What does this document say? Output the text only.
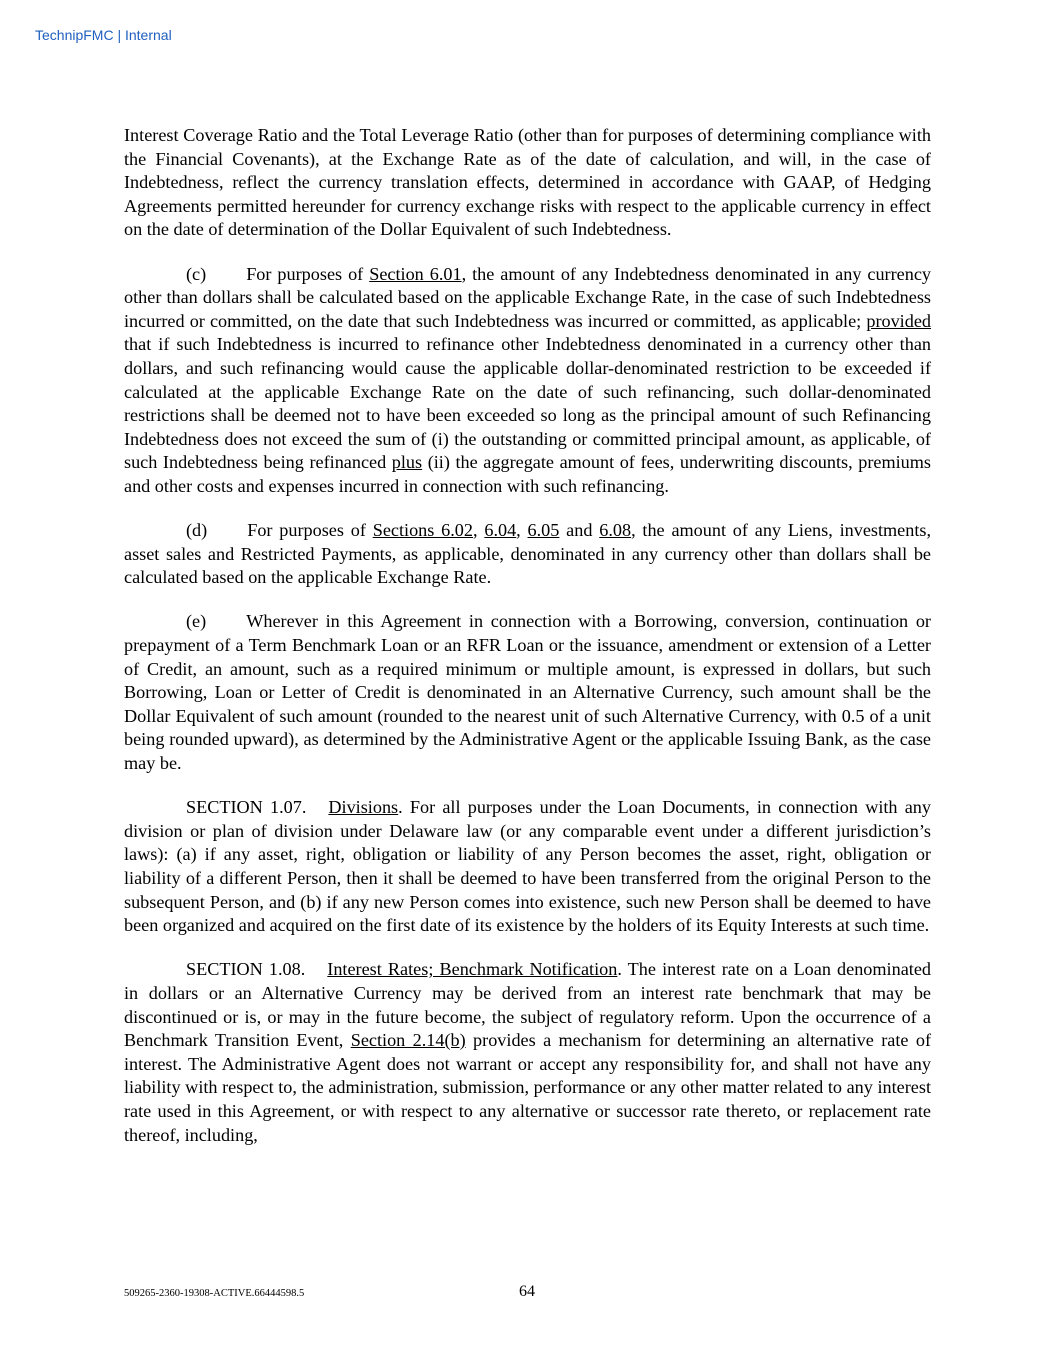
TechnipFMC | Internal

Interest Coverage Ratio and the Total Leverage Ratio (other than for purposes of determining compliance with the Financial Covenants), at the Exchange Rate as of the date of calculation, and will, in the case of Indebtedness, reflect the currency translation effects, determined in accordance with GAAP, of Hedging Agreements permitted hereunder for currency exchange risks with respect to the applicable currency in effect on the date of determination of the Dollar Equivalent of such Indebtedness.

(c) For purposes of Section 6.01, the amount of any Indebtedness denominated in any currency other than dollars shall be calculated based on the applicable Exchange Rate, in the case of such Indebtedness incurred or committed, on the date that such Indebtedness was incurred or committed, as applicable; provided that if such Indebtedness is incurred to refinance other Indebtedness denominated in a currency other than dollars, and such refinancing would cause the applicable dollar-denominated restriction to be exceeded if calculated at the applicable Exchange Rate on the date of such refinancing, such dollar-denominated restrictions shall be deemed not to have been exceeded so long as the principal amount of such Refinancing Indebtedness does not exceed the sum of (i) the outstanding or committed principal amount, as applicable, of such Indebtedness being refinanced plus (ii) the aggregate amount of fees, underwriting discounts, premiums and other costs and expenses incurred in connection with such refinancing.

(d) For purposes of Sections 6.02, 6.04, 6.05 and 6.08, the amount of any Liens, investments, asset sales and Restricted Payments, as applicable, denominated in any currency other than dollars shall be calculated based on the applicable Exchange Rate.

(e) Wherever in this Agreement in connection with a Borrowing, conversion, continuation or prepayment of a Term Benchmark Loan or an RFR Loan or the issuance, amendment or extension of a Letter of Credit, an amount, such as a required minimum or multiple amount, is expressed in dollars, but such Borrowing, Loan or Letter of Credit is denominated in an Alternative Currency, such amount shall be the Dollar Equivalent of such amount (rounded to the nearest unit of such Alternative Currency, with 0.5 of a unit being rounded upward), as determined by the Administrative Agent or the applicable Issuing Bank, as the case may be.

SECTION 1.07. Divisions. For all purposes under the Loan Documents, in connection with any division or plan of division under Delaware law (or any comparable event under a different jurisdiction’s laws): (a) if any asset, right, obligation or liability of any Person becomes the asset, right, obligation or liability of a different Person, then it shall be deemed to have been transferred from the original Person to the subsequent Person, and (b) if any new Person comes into existence, such new Person shall be deemed to have been organized and acquired on the first date of its existence by the holders of its Equity Interests at such time.

SECTION 1.08. Interest Rates; Benchmark Notification. The interest rate on a Loan denominated in dollars or an Alternative Currency may be derived from an interest rate benchmark that may be discontinued or is, or may in the future become, the subject of regulatory reform. Upon the occurrence of a Benchmark Transition Event, Section 2.14(b) provides a mechanism for determining an alternative rate of interest. The Administrative Agent does not warrant or accept any responsibility for, and shall not have any liability with respect to, the administration, submission, performance or any other matter related to any interest rate used in this Agreement, or with respect to any alternative or successor rate thereto, or replacement rate thereof, including,

509265-2360-19308-ACTIVE.66444598.5	64
